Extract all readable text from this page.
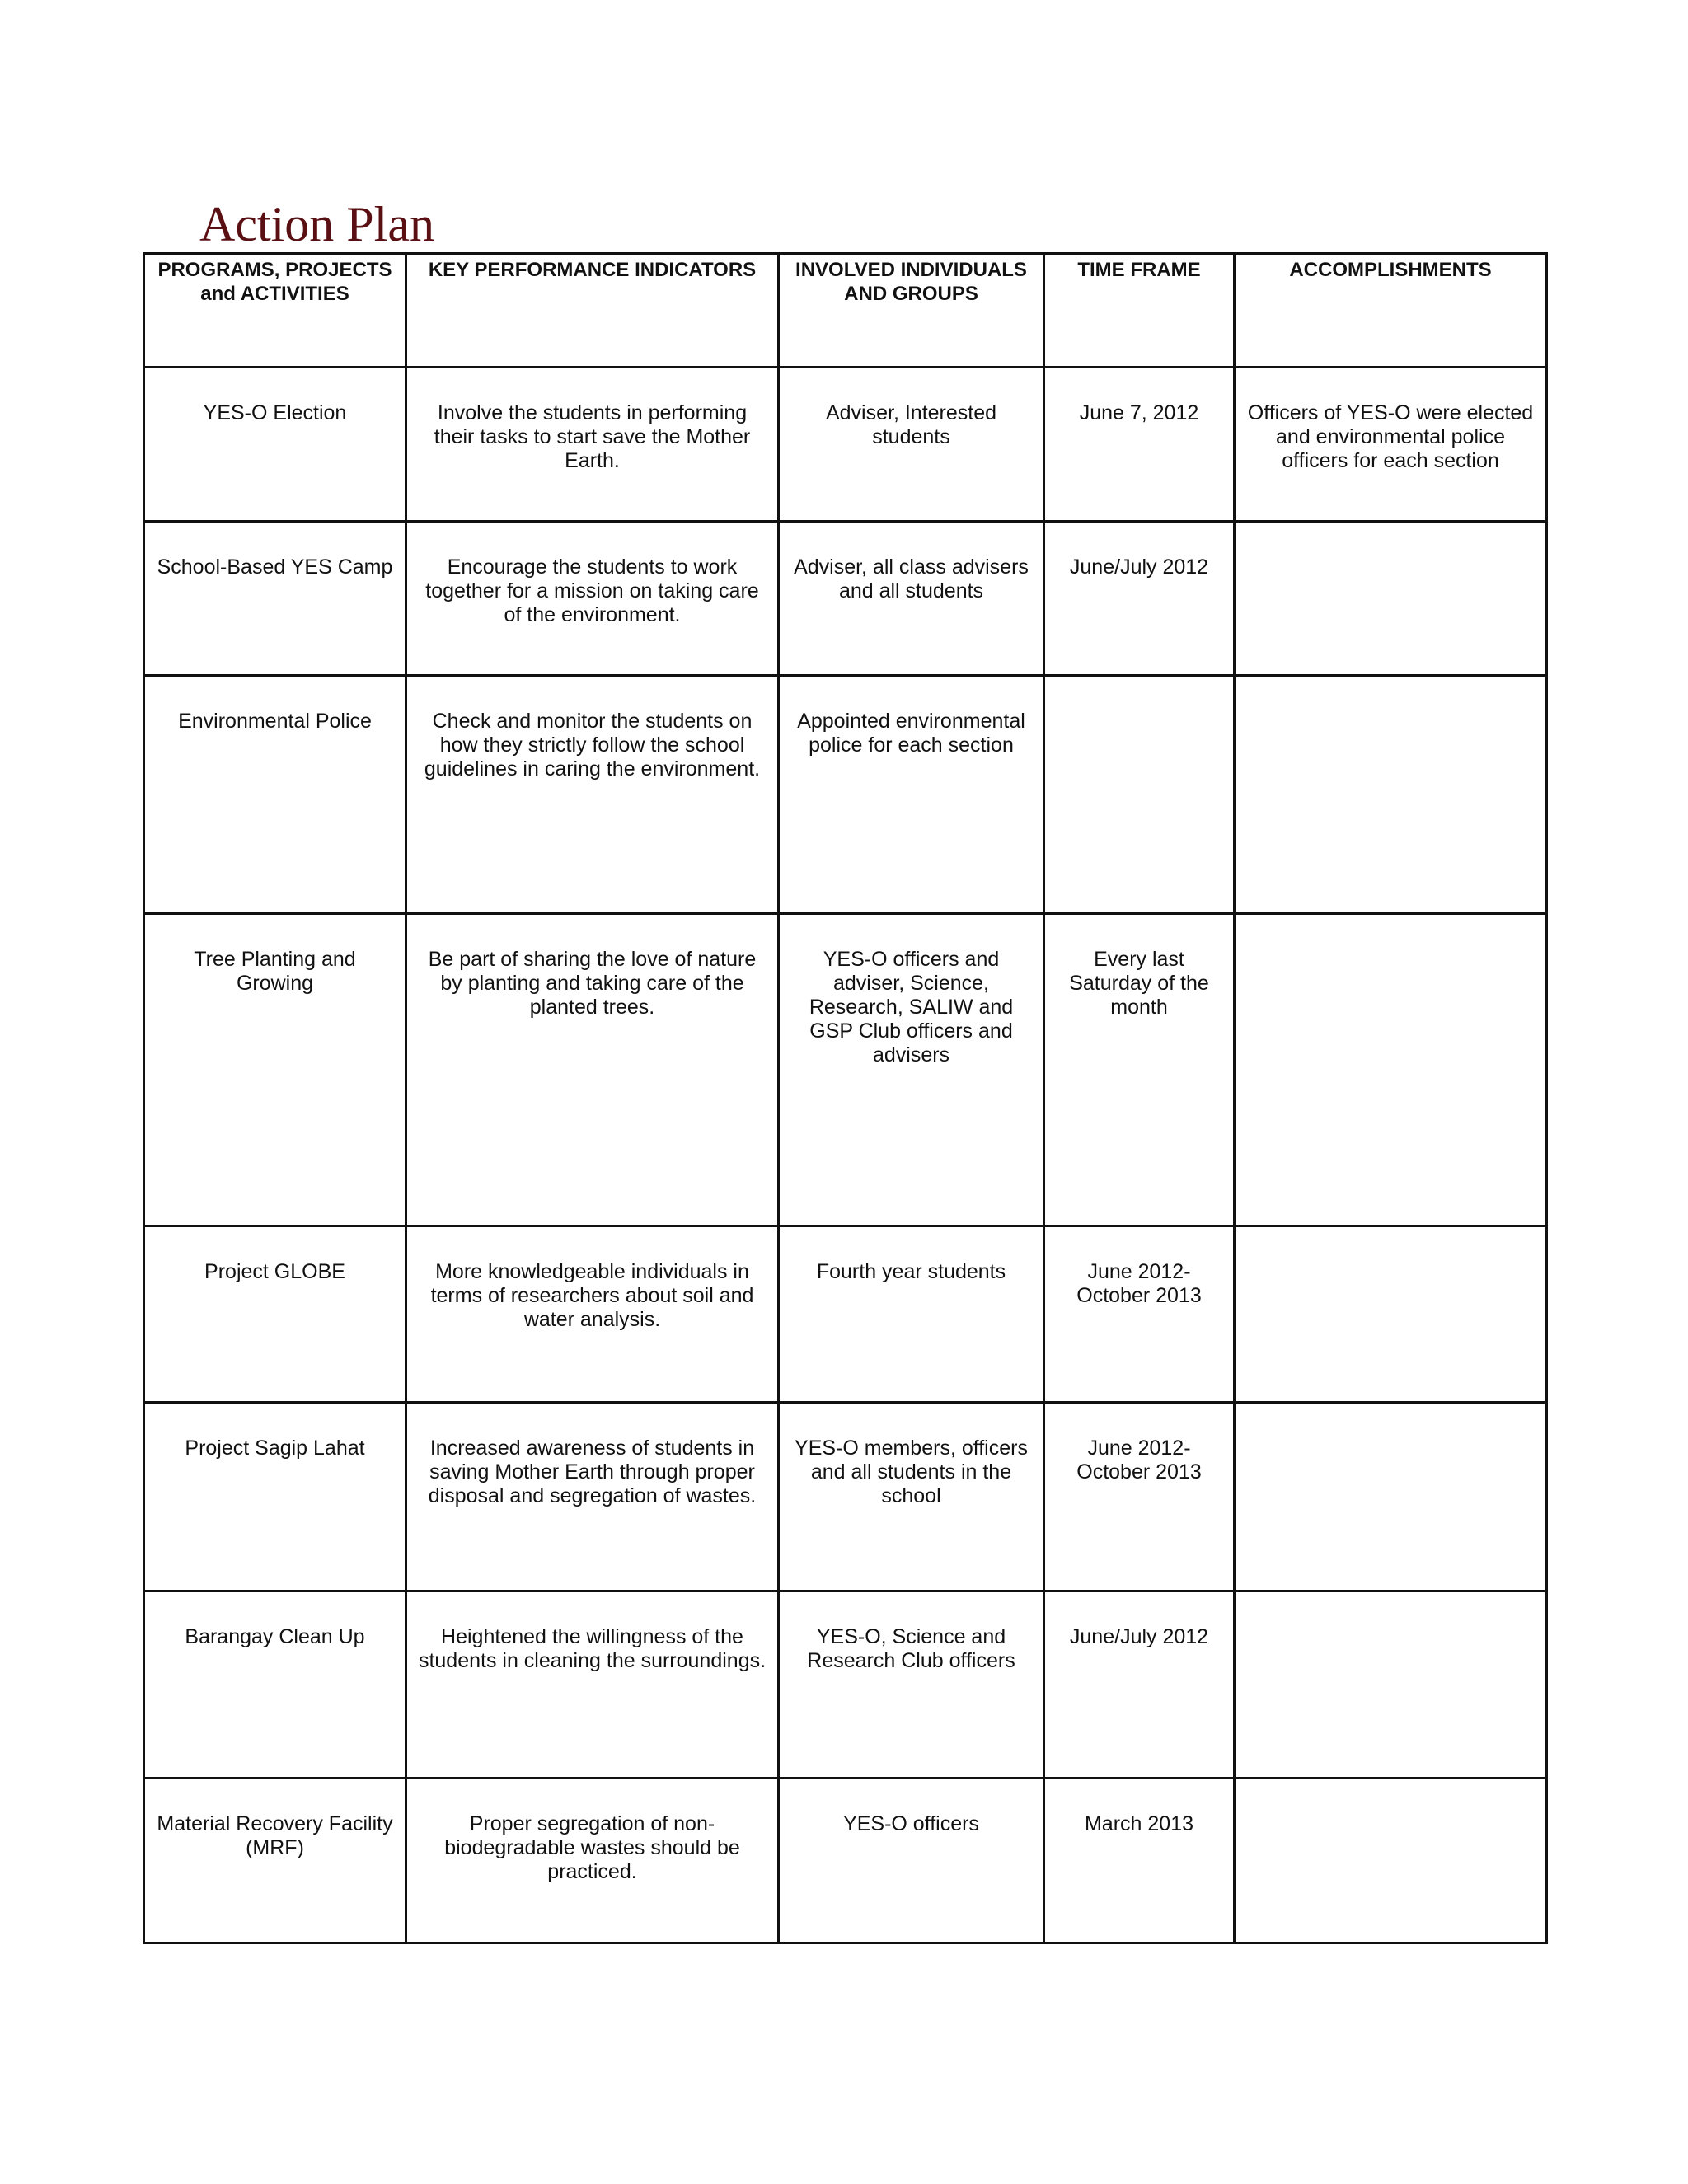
Action Plan
PROGRAMS, PROJECTS and ACTIVITIES	KEY PERFORMANCE INDICATORS	INVOLVED INDIVIDUALS AND GROUPS	TIME FRAME	ACCOMPLISHMENTS
YES-O Election	Involve the students in performing their tasks to start save the Mother Earth.	Adviser, Interested students	June 7, 2012	Officers of YES-O were elected and environmental police officers for each section
School-Based YES Camp	Encourage the students to work together for a mission on taking care of the environment.	Adviser, all class advisers and all students	June/July 2012	
Environmental Police	Check and monitor the students on how they strictly follow the school guidelines in caring the environment.	Appointed environmental police for each section		
Tree Planting and Growing	Be part of sharing the love of nature by planting and taking care of the planted trees.	YES-O officers and adviser, Science, Research, SALIW and GSP Club officers and advisers	Every last Saturday of the month	
Project GLOBE	More knowledgeable individuals in terms of researchers about soil and water analysis.	Fourth year students	June 2012- October 2013	
Project Sagip Lahat	Increased awareness of students in saving Mother Earth through proper disposal and segregation of wastes.	YES-O members, officers and all students in the school	June 2012- October 2013	
Barangay Clean Up	Heightened the willingness of the students in cleaning the surroundings.	YES-O, Science and Research Club officers	June/July 2012	
Material Recovery Facility (MRF)	Proper segregation of non-biodegradable wastes should be practiced.	YES-O officers	March 2013	
